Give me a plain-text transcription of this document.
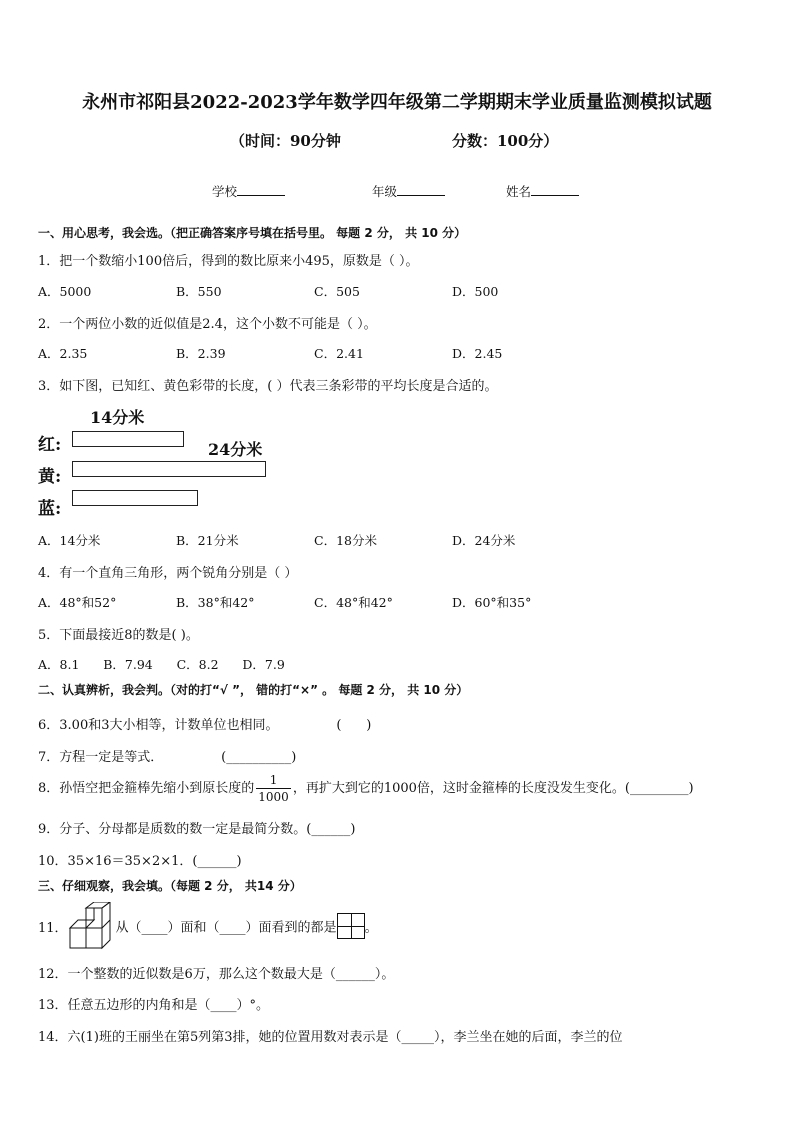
永州市祁阳县2022-2023学年数学四年级第二学期期末学业质量监测模拟试题
（时间：90分钟	分数：100分）
学校	年级	姓名
一、用心思考，我会选。（把正确答案序号填在括号里。 每题 2 分， 共 10 分）
1．把一个数缩小100倍后，得到的数比原来小495，原数是（ ）。
A．5000	B．550	C．505	D．500
2．一个两位小数的近似值是2.4，这个小数不可能是（ ）。
A．2.35	B．2.39	C．2.41	D．2.45
3．如下图，已知红、黄色彩带的长度，( ）代表三条彩带的平均长度是合适的。
14分米
红:	24分米
黄:
蓝:
A．14分米	B．21分米	C．18分米	D．24分米
4．有一个直角三角形，两个锐角分别是（ ）
A．48°和52°	B．38°和42°	C．48°和42°	D．60°和35°
5．下面最接近8的数是( )。
A．8.1      B．7.94      C．8.2      D．7.9
二、认真辨析，我会判。（对的打“√ ”， 错的打“×” 。 每题 2 分， 共 10 分）
6．3.00和3大小相等，计数单位也相同。              (      )
7．方程一定是等式．              (__________)
8．孙悟空把金箍棒先缩小到原长度的 $\frac{1}{1000}$ ，再扩大到它的1000倍，这时金箍棒的长度没发生变化。(_________)
9．分子、分母都是质数的数一定是最简分数。(______)
10．35×16＝35×2×1．(______)
三、仔细观察，我会填。（每题 2 分， 共14 分）
11．	从（____）面和（____）面看到的都是 。
12．一个整数的近似数是6万，那么这个数最大是（______）。
13．任意五边形的内角和是（____）°。
14．六(1)班的王丽坐在第5列第3排，她的位置用数对表示是（_____），李兰坐在她的后面，李兰的位
